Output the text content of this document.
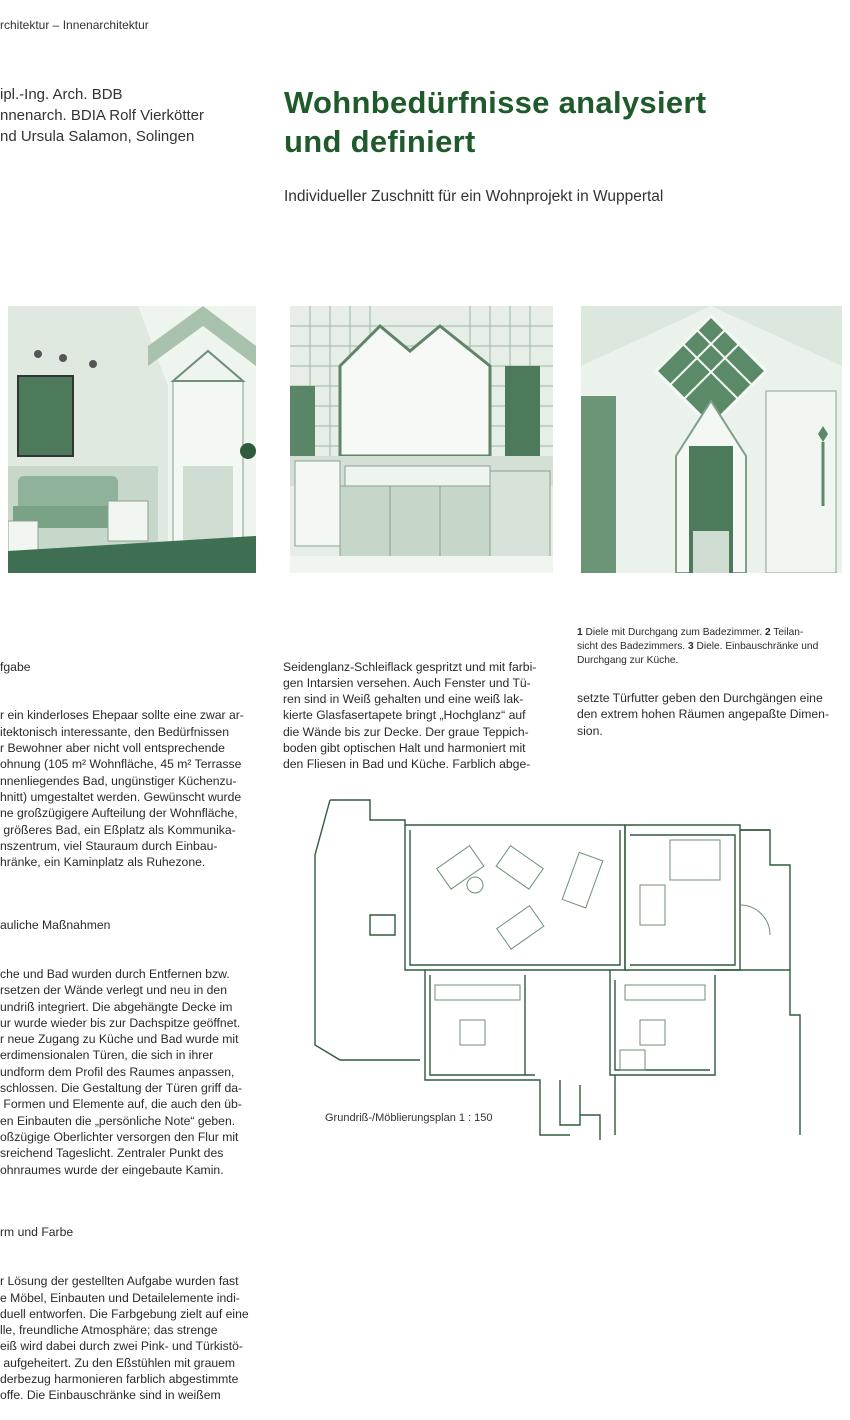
rchitektur – Innenarchitektur
ipl.-Ing. Arch. BDB
nnenarch. BDIA Rolf Vierkötter
nd Ursula Salamon, Solingen
Wohnbedürfnisse analysiert
und definiert
Individueller Zuschnitt für ein Wohnprojekt in Wuppertal

fgabe

r ein kinderloses Ehepaar sollte eine zwar ar-
itektonisch interessante, den Bedürfnissen
r Bewohner aber nicht voll entsprechende
ohnung (105 m² Wohnfläche, 45 m² Terrasse
nnenliegendes Bad, ungünstiger Küchenzu-
hnitt) umgestaltet werden. Gewünscht wurde
ne großzügigere Aufteilung der Wohnfläche,
größeres Bad, ein Eßplatz als Kommunika-
nszentrum, viel Stauraum durch Einbau-
hränke, ein Kaminplatz als Ruhezone.

auliche Maßnahmen

che und Bad wurden durch Entfernen bzw.
rsetzen der Wände verlegt und neu in den
undriß integriert. Die abgehängte Decke im
ur wurde wieder bis zur Dachspitze geöffnet.
r neue Zugang zu Küche und Bad wurde mit
erdimensionalen Türen, die sich in ihrer
undform dem Profil des Raumes anpassen,
schlossen. Die Gestaltung der Türen griff da-
Formen und Elemente auf, die auch den üb-
en Einbauten die „persönliche Note“ geben.
oßzügige Oberlichter versorgen den Flur mit
sreichend Tageslicht. Zentraler Punkt des
ohnraumes wurde der eingebaute Kamin.

rm und Farbe

r Lösung der gestellten Aufgabe wurden fast
e Möbel, Einbauten und Detailelemente indi-
duell entworfen. Die Farbgebung zielt auf eine
lle, freundliche Atmosphäre; das strenge
eiß wird dabei durch zwei Pink- und Türkistö-
aufgeheitert. Zu den Eßstühlen mit grauem
derbezug harmonieren farblich abgestimmte
offe. Die Einbauschränke sind in weißem

Seidenglanz-Schleiflack gespritzt und mit farbi-
gen Intarsien versehen. Auch Fenster und Tü-
ren sind in Weiß gehalten und eine weiß lak-
kierte Glasfasertapete bringt „Hochglanz“ auf
die Wände bis zur Decke. Der graue Teppich-
boden gibt optischen Halt und harmoniert mit
den Fliesen in Bad und Küche. Farblich abge-

1 Diele mit Durchgang zum Badezimmer. 2 Teilan-
sicht des Badezimmers. 3 Diele. Einbauschränke und
Durchgang zur Küche.

setzte Türfutter geben den Durchgängen eine
den extrem hohen Räumen angepaßte Dimen-
sion.

Grundriß-/Möblierungsplan 1 : 150
